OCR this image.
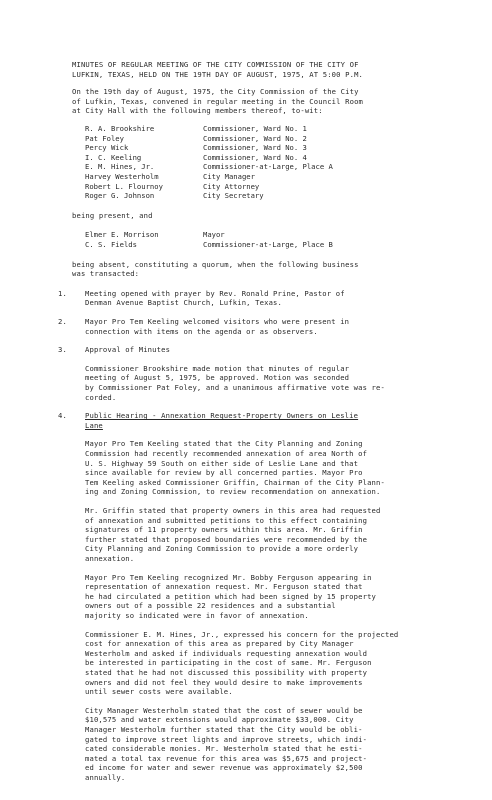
MINUTES OF REGULAR MEETING OF THE CITY COMMISSION OF THE CITY OF
LUFKIN, TEXAS, HELD ON THE 19TH DAY OF AUGUST, 1975, AT 5:00 P.M.
On the 19th day of August, 1975, the City Commission of the City
of Lufkin, Texas, convened in regular meeting in the Council Room
at City Hall with the following members thereof, to-wit:
R. A. Brookshire	Commissioner, Ward No. 1
Pat Foley	Commissioner, Ward No. 2
Percy Wick	Commissioner, Ward No. 3
I. C. Keeling	Commissioner, Ward No. 4
E. M. Hines, Jr.	Commissioner-at-Large, Place A
Harvey Westerholm	City Manager
Robert L. Flournoy	City Attorney
Roger G. Johnson	City Secretary
being present, and
Elmer E. Morrison	Mayor
C. S. Fields	Commissioner-at-Large, Place B
being absent, constituting a quorum, when the following business
was transacted:
1.	Meeting opened with prayer by Rev. Ronald Prine, Pastor of
Denman Avenue Baptist Church, Lufkin, Texas.
2.	Mayor Pro Tem Keeling welcomed visitors who were present in
connection with items on the agenda or as observers.
3.	Approval of Minutes
Commissioner Brookshire made motion that minutes of regular
meeting of August 5, 1975, be approved. Motion was seconded
by Commissioner Pat Foley, and a unanimous affirmative vote was re-
corded.
4.	Public Hearing - Annexation Request-Property Owners on Leslie
Lane
Mayor Pro Tem Keeling stated that the City Planning and Zoning
Commission had recently recommended annexation of area North of
U. S. Highway 59 South on either side of Leslie Lane and that
since available for review by all concerned parties. Mayor Pro
Tem Keeling asked Commissioner Griffin, Chairman of the City Plann-
ing and Zoning Commission, to review recommendation on annexation.
Mr. Griffin stated that property owners in this area had requested
of annexation and submitted petitions to this effect containing
signatures of 11 property owners within this area. Mr. Griffin
further stated that proposed boundaries were recommended by the
City Planning and Zoning Commission to provide a more orderly
annexation.
Mayor Pro Tem Keeling recognized Mr. Bobby Ferguson appearing in
representation of annexation request. Mr. Ferguson stated that
he had circulated a petition which had been signed by 15 property
owners out of a possible 22 residences and a substantial
majority so indicated were in favor of annexation.
Commissioner E. M. Hines, Jr., expressed his concern for the projected
cost for annexation of this area as prepared by City Manager
Westerholm and asked if individuals requesting annexation would
be interested in participating in the cost of same. Mr. Ferguson
stated that he had not discussed this possibility with property
owners and did not feel they would desire to make improvements
until sewer costs were available.
City Manager Westerholm stated that the cost of sewer would be
$10,575 and water extensions would approximate $33,000. City
Manager Westerholm further stated that the City would be obli-
gated to improve street lights and improve streets, which indi-
cated considerable monies. Mr. Westerholm stated that he esti-
mated a total tax revenue for this area was $5,675 and project-
ed income for water and sewer revenue was approximately $2,500
annually.
